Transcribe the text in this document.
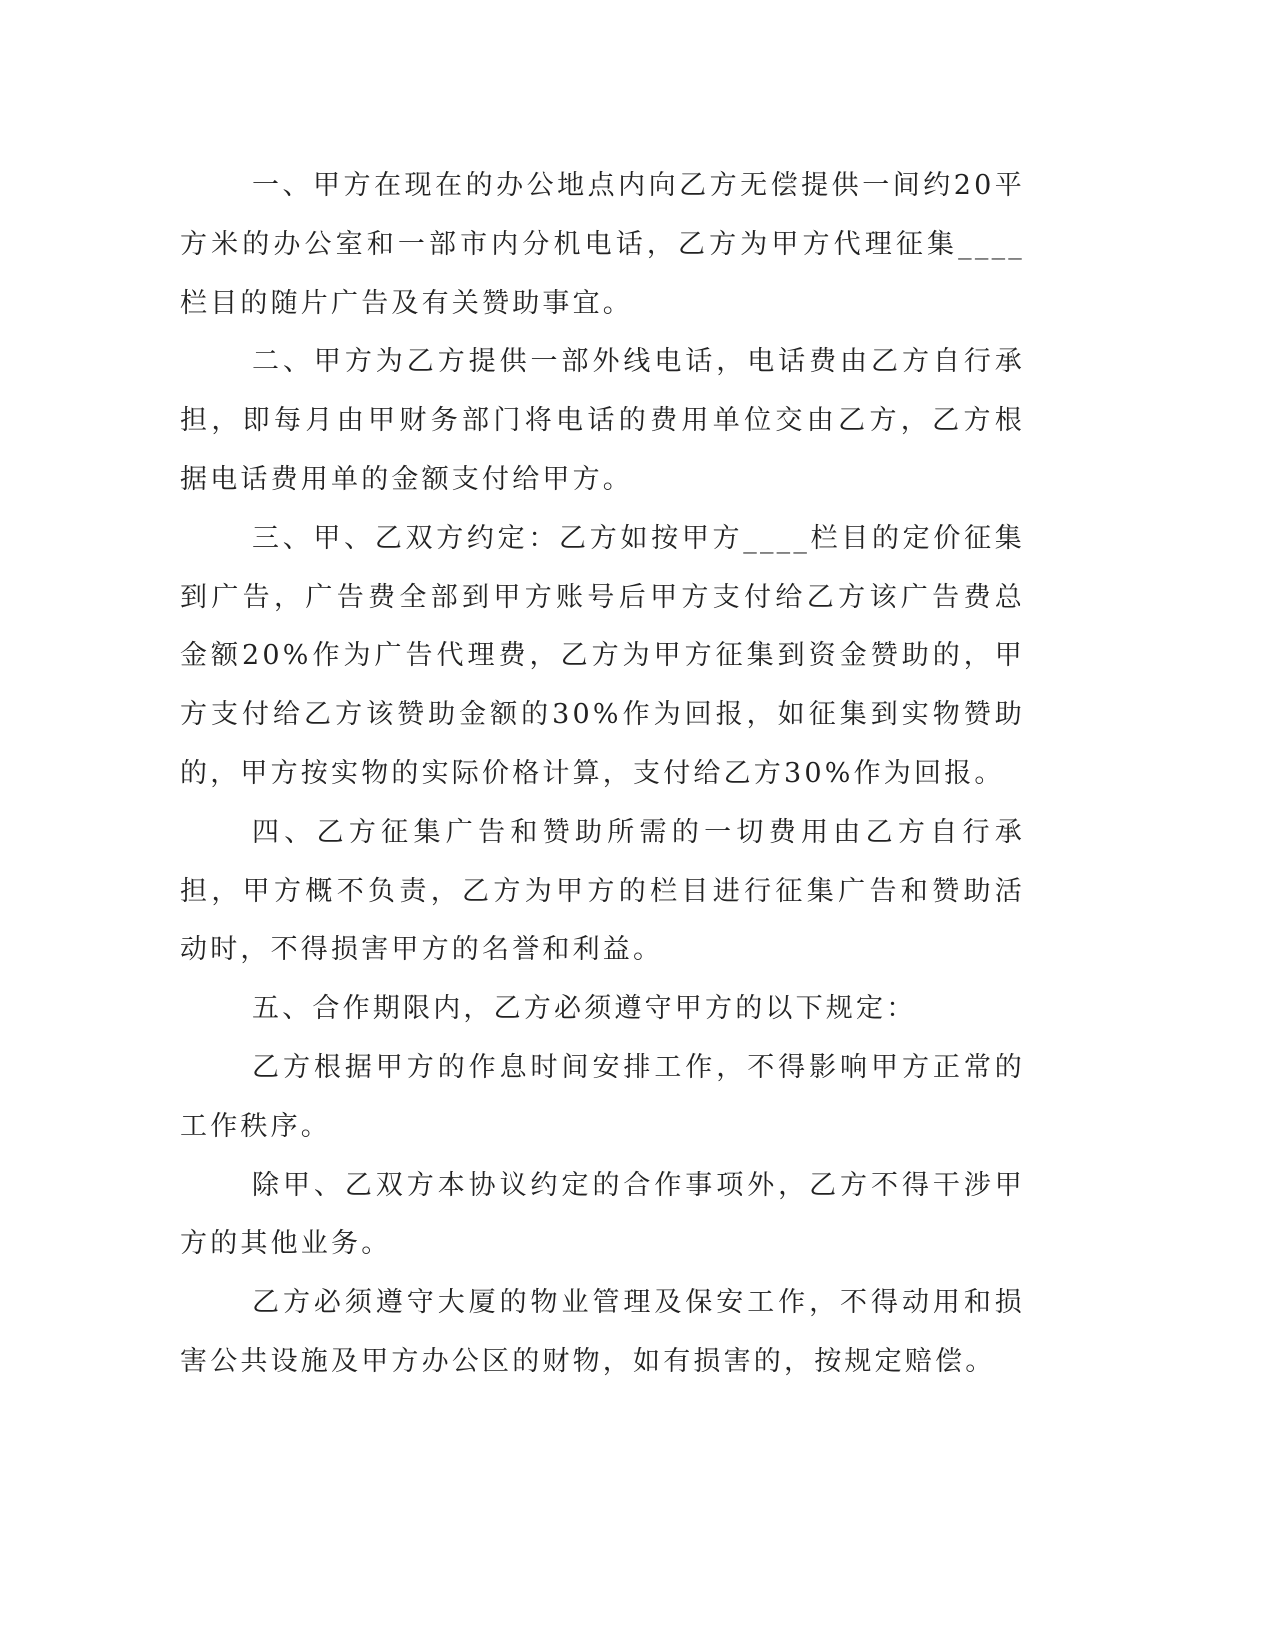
一、甲方在现在的办公地点内向乙方无偿提供一间约20平方米的办公室和一部市内分机电话，乙方为甲方代理征集____栏目的随片广告及有关赞助事宜。

二、甲方为乙方提供一部外线电话，电话费由乙方自行承担，即每月由甲财务部门将电话的费用单位交由乙方，乙方根据电话费用单的金额支付给甲方。

三、甲、乙双方约定：乙方如按甲方____栏目的定价征集到广告，广告费全部到甲方账号后甲方支付给乙方该广告费总金额20%作为广告代理费，乙方为甲方征集到资金赞助的，甲方支付给乙方该赞助金额的30%作为回报，如征集到实物赞助的，甲方按实物的实际价格计算，支付给乙方30%作为回报。

四、乙方征集广告和赞助所需的一切费用由乙方自行承担，甲方概不负责，乙方为甲方的栏目进行征集广告和赞助活动时，不得损害甲方的名誉和利益。

五、合作期限内，乙方必须遵守甲方的以下规定：

乙方根据甲方的作息时间安排工作，不得影响甲方正常的工作秩序。

除甲、乙双方本协议约定的合作事项外，乙方不得干涉甲方的其他业务。

乙方必须遵守大厦的物业管理及保安工作，不得动用和损害公共设施及甲方办公区的财物，如有损害的，按规定赔偿。
